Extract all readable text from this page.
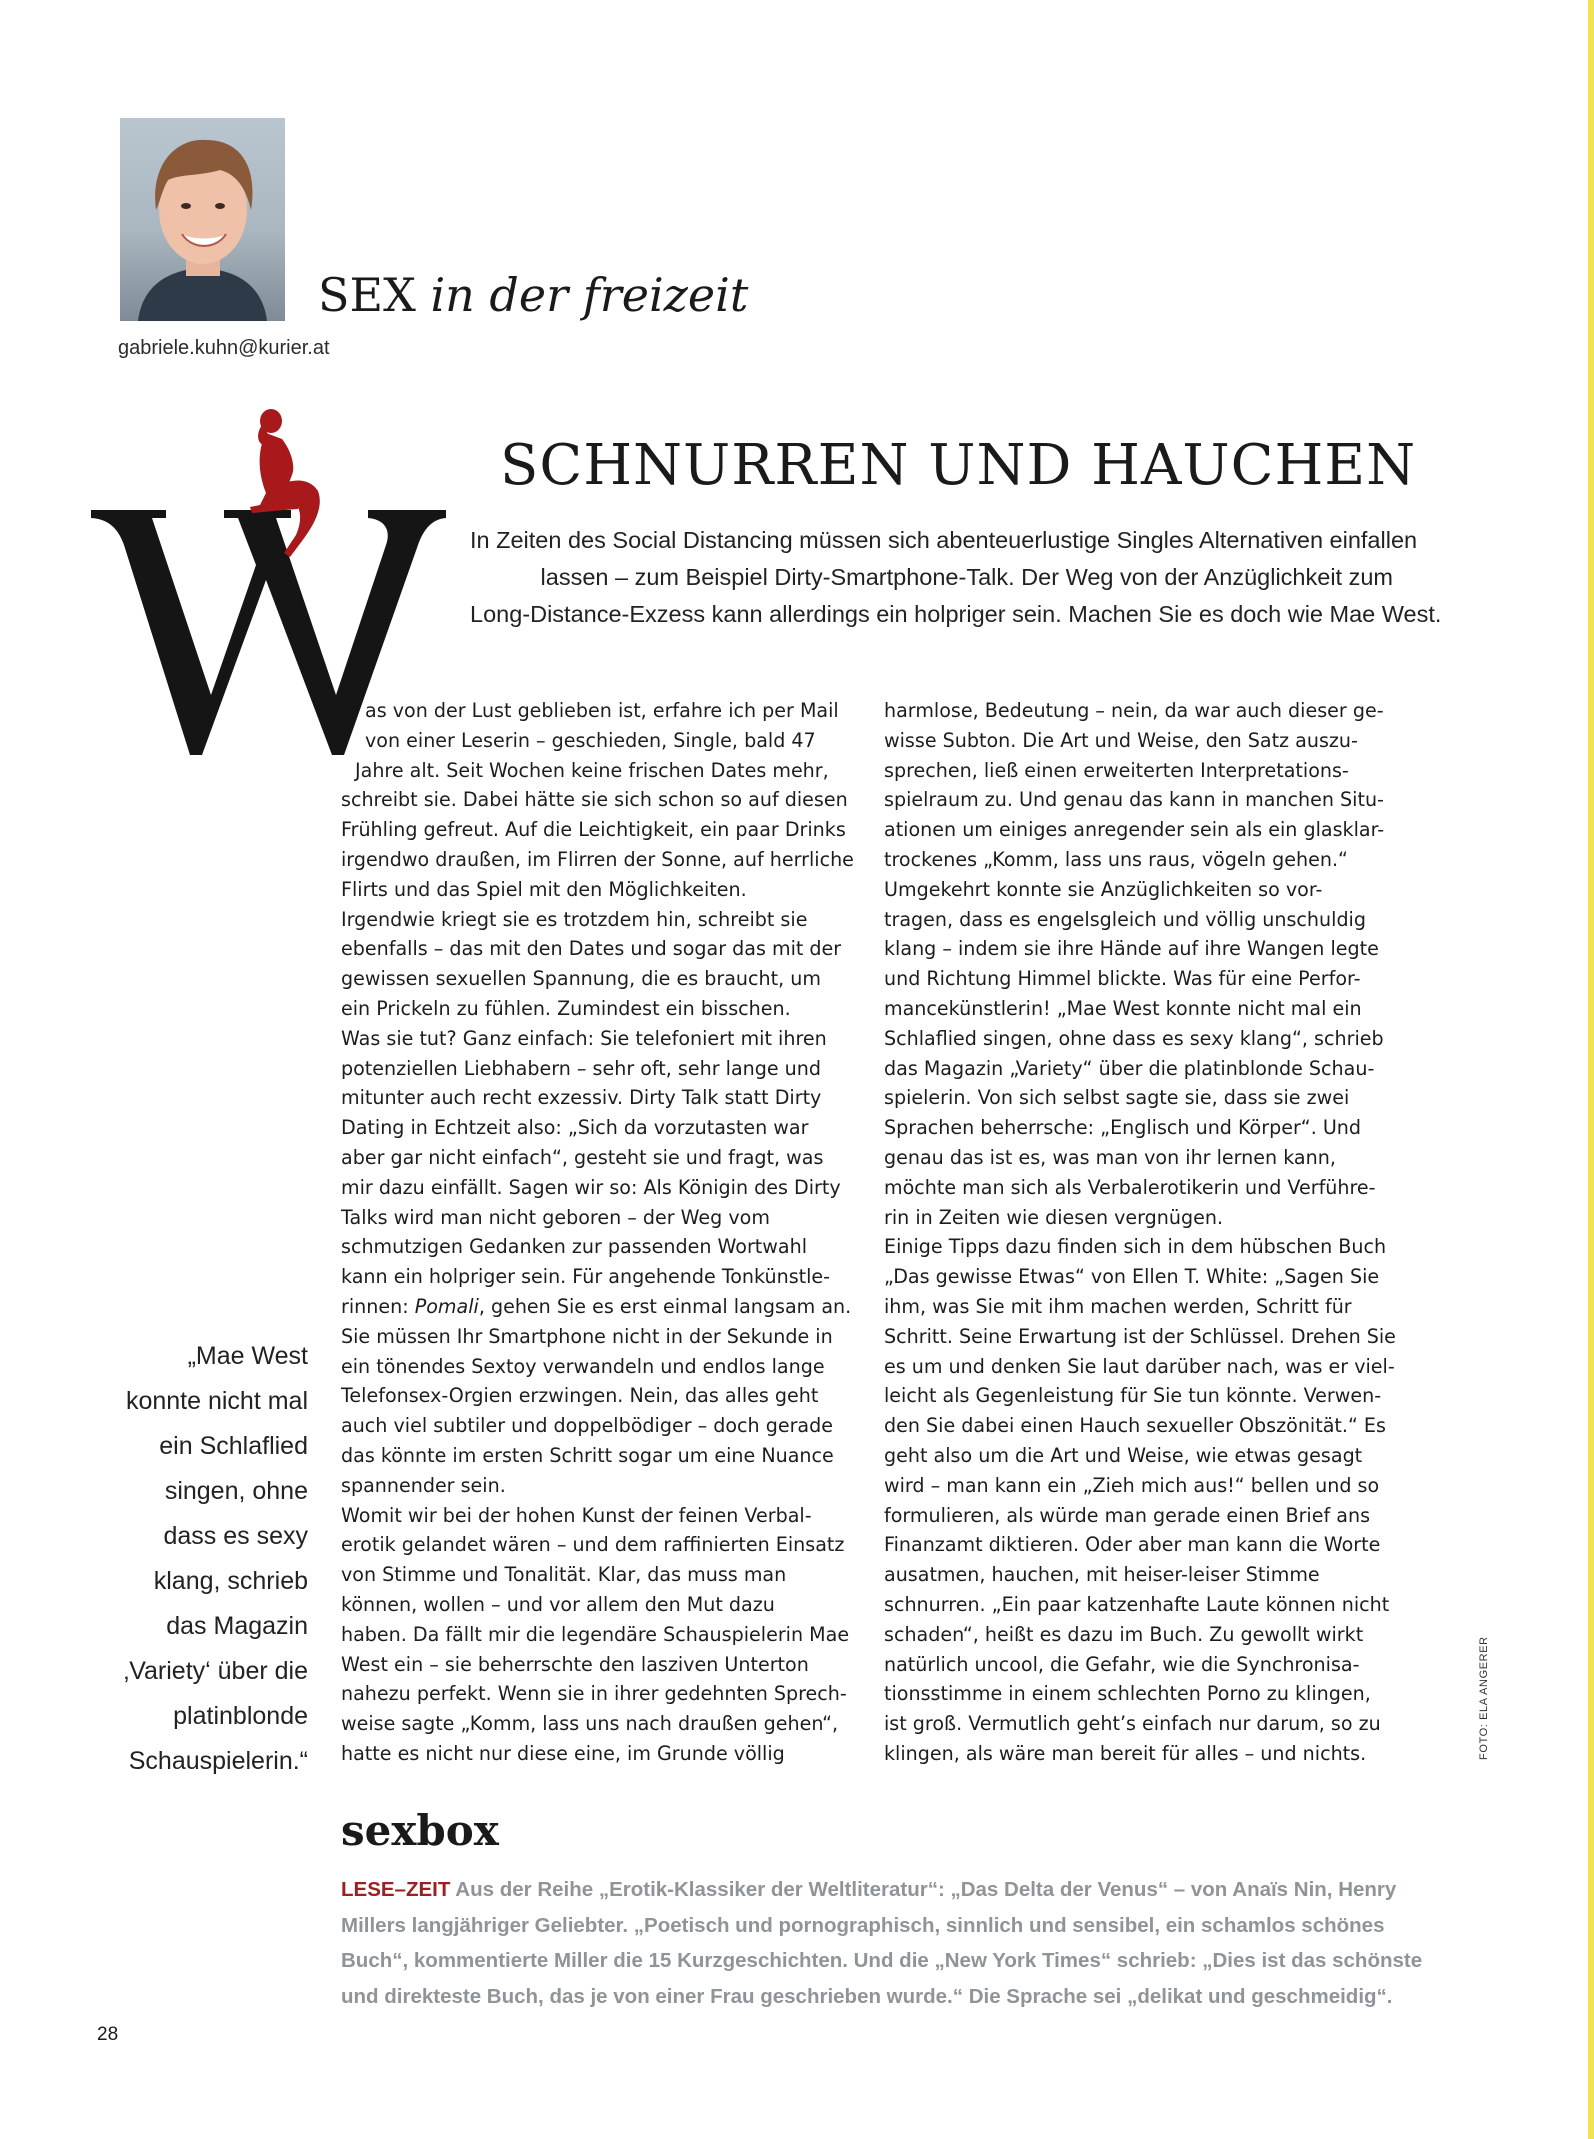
SEX in der freizeit
gabriele.kuhn@kurier.at
SCHNURREN UND HAUCHEN
In Zeiten des Social Distancing müssen sich abenteuerlustige Singles Alternativen einfallen
lassen – zum Beispiel Dirty-Smartphone-Talk. Der Weg von der Anzüglichkeit zum
Long-Distance-Exzess kann allerdings ein holpriger sein. Machen Sie es doch wie Mae West.
as von der Lust geblieben ist, erfahre ich per Mail
von einer Leserin – geschieden, Single, bald 47
Jahre alt. Seit Wochen keine frischen Dates mehr,
schreibt sie. Dabei hätte sie sich schon so auf diesen
Frühling gefreut. Auf die Leichtigkeit, ein paar Drinks
irgendwo draußen, im Flirren der Sonne, auf herrliche
Flirts und das Spiel mit den Möglichkeiten.
Irgendwie kriegt sie es trotzdem hin, schreibt sie
ebenfalls – das mit den Dates und sogar das mit der
gewissen sexuellen Spannung, die es braucht, um
ein Prickeln zu fühlen. Zumindest ein bisschen.
Was sie tut? Ganz einfach: Sie telefoniert mit ihren
potenziellen Liebhabern – sehr oft, sehr lange und
mitunter auch recht exzessiv. Dirty Talk statt Dirty
Dating in Echtzeit also: „Sich da vorzutasten war
aber gar nicht einfach“, gesteht sie und fragt, was
mir dazu einfällt. Sagen wir so: Als Königin des Dirty
Talks wird man nicht geboren – der Weg vom
schmutzigen Gedanken zur passenden Wortwahl
kann ein holpriger sein. Für angehende Tonkünstle-
rinnen: Pomali, gehen Sie es erst einmal langsam an.
Sie müssen Ihr Smartphone nicht in der Sekunde in
ein tönendes Sextoy verwandeln und endlos lange
Telefonsex-Orgien erzwingen. Nein, das alles geht
auch viel subtiler und doppelbödiger – doch gerade
das könnte im ersten Schritt sogar um eine Nuance
spannender sein.
Womit wir bei der hohen Kunst der feinen Verbal-
erotik gelandet wären – und dem raffinierten Einsatz
von Stimme und Tonalität. Klar, das muss man
können, wollen – und vor allem den Mut dazu
haben. Da fällt mir die legendäre Schauspielerin Mae
West ein – sie beherrschte den lasziven Unterton
nahezu perfekt. Wenn sie in ihrer gedehnten Sprech-
weise sagte „Komm, lass uns nach draußen gehen“,
hatte es nicht nur diese eine, im Grunde völlig
harmlose, Bedeutung – nein, da war auch dieser ge-
wisse Subton. Die Art und Weise, den Satz auszu-
sprechen, ließ einen erweiterten Interpretations-
spielraum zu. Und genau das kann in manchen Situ-
ationen um einiges anregender sein als ein glasklar-
trockenes „Komm, lass uns raus, vögeln gehen.“
Umgekehrt konnte sie Anzüglichkeiten so vor-
tragen, dass es engelsgleich und völlig unschuldig
klang – indem sie ihre Hände auf ihre Wangen legte
und Richtung Himmel blickte. Was für eine Perfor-
mancekünstlerin! „Mae West konnte nicht mal ein
Schlaflied singen, ohne dass es sexy klang“, schrieb
das Magazin „Variety“ über die platinblonde Schau-
spielerin. Von sich selbst sagte sie, dass sie zwei
Sprachen beherrsche: „Englisch und Körper“. Und
genau das ist es, was man von ihr lernen kann,
möchte man sich als Verbalerotikerin und Verführe-
rin in Zeiten wie diesen vergnügen.
Einige Tipps dazu finden sich in dem hübschen Buch
„Das gewisse Etwas“ von Ellen T. White: „Sagen Sie
ihm, was Sie mit ihm machen werden, Schritt für
Schritt. Seine Erwartung ist der Schlüssel. Drehen Sie
es um und denken Sie laut darüber nach, was er viel-
leicht als Gegenleistung für Sie tun könnte. Verwen-
den Sie dabei einen Hauch sexueller Obszönität.“ Es
geht also um die Art und Weise, wie etwas gesagt
wird – man kann ein „Zieh mich aus!“ bellen und so
formulieren, als würde man gerade einen Brief ans
Finanzamt diktieren. Oder aber man kann die Worte
ausatmen, hauchen, mit heiser-leiser Stimme
schnurren. „Ein paar katzenhafte Laute können nicht
schaden“, heißt es dazu im Buch. Zu gewollt wirkt
natürlich uncool, die Gefahr, wie die Synchronisa-
tionsstimme in einem schlechten Porno zu klingen,
ist groß. Vermutlich geht’s einfach nur darum, so zu
klingen, als wäre man bereit für alles – und nichts.
„Mae West
konnte nicht mal
ein Schlaflied
singen, ohne
dass es sexy
klang, schrieb
das Magazin
‚Variety‘ über die
platinblonde
Schauspielerin.“
FOTO: ELA ANGERER
sexbox
LESE–ZEIT Aus der Reihe „Erotik-Klassiker der Weltliteratur“: „Das Delta der Venus“ – von Anaïs Nin, Henry
Millers langjähriger Geliebter. „Poetisch und pornographisch, sinnlich und sensibel, ein schamlos schönes
Buch“, kommentierte Miller die 15 Kurzgeschichten. Und die „New York Times“ schrieb: „Dies ist das schönste
und direkteste Buch, das je von einer Frau geschrieben wurde.“ Die Sprache sei „delikat und geschmeidig“.
28
